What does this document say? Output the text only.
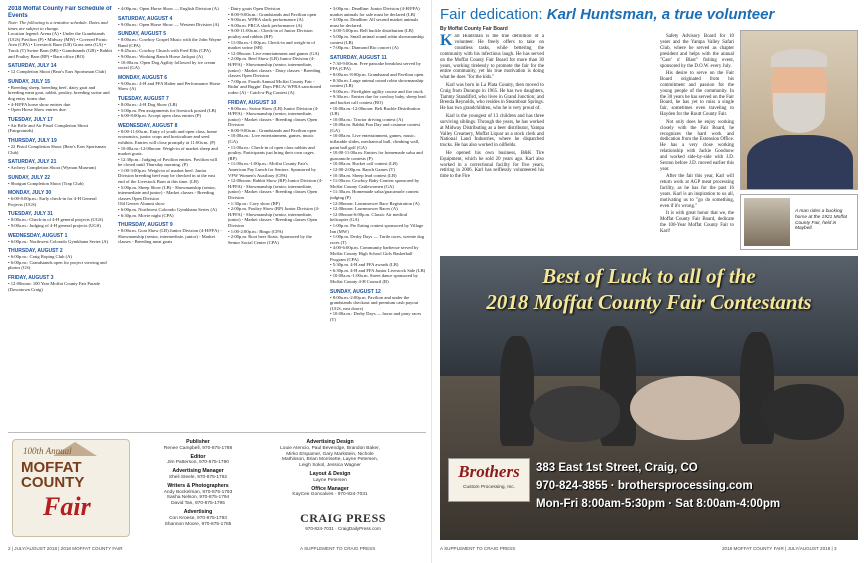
2018 Moffat County Fair Schedule of Events

Note: The following is a tentative schedule. Dates and times are subject to change.

Location legend: Arena (A) • Under the Grandstands (UGS) Pavilion (P) • Midway (MW) • Covered Picnic Area (CPA) • Livestock Barn (LB) Grass area (GA) • Truck (T) Swine Barn (SB) • Grandstands (GB) • Rabbit and Poultry Barn (RP) • Barn office (BO)

SATURDAY, JULY 14

• 12 Completion Shoot (Bear's Ears Sportsman Club)

SUNDAY, JULY 15

• Breeding sheep, breeding beef, dairy goat and breeding meat goat, rabbit, poultry, breeding swine and dog entry forms due.

• 4-H/FFA horse show entries due.

• Open Horse Show entries due.

TUESDAY, JULY 17

• Air Rifle and Air Pistol Completion Shoot (Fairgrounds)

THURSDAY, JULY 19

• 22 Pistol Completion Shoot (Bear's Ears Sportsman Club)

SATURDAY, JULY 21

• Archery Completion Shoot (Wyman Museum)

SUNDAY, JULY 22

• Shotgun Completion Shoot (Trap Club)

MONDAY, JULY 30

• 6:00-8:00p.m.: Early check-in for 4-H General Projects (UGS)

TUESDAY, JULY 31

• 8:00a.m.: Check-in of 4-H general projects (UGS)

• 9:00a.m.: Judging of 4-H general projects (UGS)

WEDNESDAY, AUGUST 1

• 6:00p.m.: Northwest Colorado Gymkhana Series (A)

THURSDAY, AUGUST 2

• 6:00p.m.: Craig Roping Club (A)

• 6:00p.m.: Grandstands open for project viewing and photos (GS)

FRIDAY, AUGUST 3

• 12:00noon: 100 Year Moffat County Fair Parade (Downtown Craig)

• 4:00p.m.: Open Horse Show — English Division (A)

SATURDAY, AUGUST 4

• 9:00a.m.: Open Horse Show — Western Division (A)

SUNDAY, AUGUST 5

• 8:00a.m.: Cowboy Gospel Music with the John Wayne Band (CPA)

• 8:45a.m.: Cowboy Church with Fred Ellis (CPA)

• 9:00a.m.: Working Ranch Horse Jackpot (A)

• 10:00a.m. Open Dog Agility followed by ice cream social (GA)

MONDAY, AUGUST 6

• 9:00a.m.: 4-H and FFA Halter and Performance Horse Show (A)

TUESDAY, AUGUST 7

• 8:00a.m.: 4-H Dog Show (LB)

• 5:00p.m. Pen assignments for livestock posted (LB)

• 6:00-8:00p.m. Accept open class entries (P)

WEDNESDAY, AUGUST 8

• 8:00-11:00a.m. Entry of youth and open class, home economics, junior crops and horticulture and seed exhibits. Entries will close promptly at 11:00a.m. (P)

• 10:00a.m.-12:00noon: Weigh-in of market sheep and market goats.

• 12:30p.m.: Judging of Pavilion entries. Pavilion will be closed until Thursday morning. (P)

• 1:00-3:00p.m. Weigh-in of market beef. Junior Division breeding beef may be checked in at the east end of the Livestock Barn at this time. (LB)

• 5:00p.m. Sheep Show (LB) - Showmanship (senior, intermediate and junior) - Market classes - Breeding classes Open Division

Old Geezer Alumni show

• 6:00p.m. Northwest Colorado Gymkhana Series (A)

• 6:30p.m. Movie night (CPA)

THURSDAY, AUGUST 9

• 8:00a.m. Goat Show (LB) Junior Division (4-H/FFA) - Showmanship (senior, intermediate, junior) - Market classes - Breeding meat goats

- Dairy goats Open Division

• 8:00-9:00a.m.: Grandstands and Pavilion open

• 9:00a.m. WFRA slack performance (A)

• 9:00a.m. PRCA slack performance (A)

• 9:00-11:00a.m.: Check-in of Junior Division poultry and rabbits (RP)

• 11:00a.m.-1:00p.m. Check-in and weigh-in of market swine (SB)

• 12:00noon: Live entertainment and games (GA)

• 2:00p.m. Beef Show (LB) Junior Division (4-H/FFA) - Showmanship (senior, intermediate, junior) - Market classes - Dairy classes - Breeding classes Open Division

• 7:00p.m. Fourth Annual Moffat County Fair - Ridin' and Riggin' Days PRCA/ WFRA sanctioned rodeo (A) - Catch-a-Pig Contest (A)

FRIDAY, AUGUST 10

• 8:00a.m.: Swine Show (LB) Junior Division (4-H/FFA) - Showmanship (senior, intermediate, junior) - Market classes - Breeding classes Open Division

• 8:00-9:00a.m.: Grandstands and Pavilion open

• 10:00a.m.: Live entertainment, games, music (GA)

• 11:00a.m.: Check-in of open class rabbits and poultry. Participants just bring their own cages. (RP)

• 11:00a.m.-1:00p.m.: Moffat County Fair's American Pay Lunch for Seniors. Sponsored by VFW Women's Auxiliary (CPA)

• 12:00noon: Rabbit Show (RP) Junior Division (4-H/FFA) - Showmanship (senior, intermediate, junior) - Market classes - Breeding classes Open Division

• 1:30p.m.: Cavy show (RP)

• 2:00p.m. Poultry Show (RP) Junior Division (4-H/FFA) - Showmanship (senior, intermediate, junior) - Market classes - Breeding classes Open Division

• 1:00-2:00p.m.: Bingo (CPA)

• 2:00p.m. Root beer floats. Sponsored by the Senior Social Center (CPA)

• 3:00p.m.: Deadline: Junior Division (4-H/FFA) market animals for sale must be declared (LB)

• 3:00p.m. Deadline: All second market animals must be declared.

• 3:00-5:00p.m. Bell buckle distribution (LB)

• 5:00p.m. Small animal round robin showmanship contest (LB)

• 7:00p.m.: Diamond Rio concert (A)

SATURDAY, AUGUST 11

• 7:30-9:00a.m. Free pancake breakfast served by FFA (CPA)

• 8:00a.m.-8:00p.m. Grandstand and Pavilion open.

• 8:30a.m. Large animal round robin showmanship contest (LB)

• 9:00a.m.: Firefighter agility course and fire truck

• 9:30a.m.: Entries due for cowboy baby, sheep lead and bucket calf contest (BO)

• 10:00a.m.-12:00noon: Belt Buckle Distribution (LB)

• 10:00a.m.: Tractor driving contest (A)

• 10:00a.m. Rabbit Fun Day and costume contest (GA)

• 10:00a.m. Live entertainment, games, music, inflatable slides, mechanical bull, climbing wall, paint ball golf (GA)

• 10:00-11:00a.m. Entries for homemade salsa and guacamole contests (P)

• 10:00a.m. Bucket calf contest (LB)

• 12:00-2:00p.m. Ranch Games (T)

• 10:30a.m. Sheep lead contest (LB)

• 11:00a.m. Cowboy Baby Contest sponsored by Moffat County Cattlewomen (GA)

• 11:30a.m. Homemade salsa/guacamole contest judging (P)

• 12:00noon: Lawnmower Race Registration (A)

• 12:00noon: Lawnmower Races (A)

• 12:00noon-6:00p.m. Classic Air medical helicopter (GA)

• 1:00p.m. Pie Eating contest sponsored by Village Inn (MW)

• 1:00p.m. Derby Days — Turtle races, weenie dog races (T)

• 4:00-6:00p.m. Community barbecue served by Moffat County High School Girls Basketball Program (CPA)

• 5:30p.m. 4-H and FFA awards (LB)

• 6:30p.m. 4-H and FFA Junior Livestock Sale (LB)

• 10:00a.m.-1:00a.m. Street dance sponsored by Moffat County 4-H Council (B)

SUNDAY, AUGUST 12

• 8:00a.m.-2:00p.m. Pavilion and under the grandstands checkout and premium cash payout (UGS, east doors)

• 10:00a.m.: Derby Days — horse and pony races (T)

100th Annual
MOFFAT
COUNTY
Fair
Publisher
Renee Campbell, 970-875-1788
Editor
Jim Patterson, 970-875-1790
Advertising Manager
Sheli Steele, 970-875-1782
Writers & Photographers
Andy Bockelman, 970-875-1793
Sasha Nelson, 970-875-1794
David Tan, 970-875-1795
Advertising
Con Kroese, 970-875-1783
Shannon Moore, 970-875-1785
Advertising Design
Louie Atencio, Paul Bevendge, Brandon Baker,
Mirko Erspamer, Gary Markstein, Nichole
Mathisson, Brian Morrisette, Layne Petersen,
Leigh Sokol, Jessica Wagner
Layout & Design
Layne Petersen
Office Manager
KayCee Goncalves · 970-824-7031
CRAIG PRESS
970-824-7031 · CraigDailyPress.com
2 | JULY/AUGUST 2018 | 2018 MOFFAT COUNTY FAIR	A SUPPLEMENT TO CRAIG PRESS
Fair dedication: Karl Huntsman, a true volunteer
By Moffat County Fair Board
K arl Huntsman is the true definition of a volunteer. He freely offers to take on countless tasks, while bettering the community with his infectious laugh. He has served on the Moffat County Fair Board for more than 30 years, working tirelessly to promote the fair for the entire community, yet his true motivation is doing what he does "for the kids."

Karl was born in La Plata County, then moved to Craig from Durango in 1965. He has two daughters, Tammy Standifird, who lives in Grand Junction; and Brenda Reynolds, who resides in Steamboat Springs. He has two grandchildren, who he is very proud of.

Karl is the youngest of 13 children and has three surviving siblings. Through the years, he has worked at Midway Distributing as a beer distributor, Yampa Valley Creamery, Moffat Liquor as a stock clerk and National Land Industries, where he dispatched trucks. He has also worked in oilfields.

He opened his own business, B&K Tire Equipment, which he sold 20 years ago. Karl also worked in a correctional facility for five years, retiring in 2006. Karl has selflessly volunteered his time to the Fire

Safety Advisory Board for 10 years and the Yampa Valley Safari Club, where he served as chapter president and helps with the annual "Cast' n' Blast" fishing event, sponsored by the D.O.W. every July.

His desire to serve on the Fair Board originated from his commitment and passion for the young people of the community. In the 30 years he has served on the Fair Board, he has yet to miss a single fair, sometimes even traveling to Hayden for the Routt County Fair.

Not only does he enjoy working closely with the Fair Board, he recognizes the hard work and dedication from the Extension Office. He has a very close working relationship with Jackie Goodnow and worked side-by-side with J.D. Sexton before J.D. moved earlier this year.

After the fair this year, Karl will return work at AGP meat processing facility, as he has for the past 16 years. Karl is an inspiration to us all, motivating us to "go do something, even if it's wrong."

It is with great honor that we, the Moffat County Fair Board, dedicate the 100-Year Moffat County Fair to Karl!

A man rides a bucking horse at the 1921 Moffat County Fair, held in Maybell.
Best of Luck to all of the
2018 Moffat County Fair Contestants
Brothers
Custom Processing, Inc.
383 East 1st Street, Craig, CO
970-824-3855 · brothersprocessing.com
Mon-Fri 8:00am-5:30pm · Sat 8:00am-4:00pm
A SUPPLEMENT TO CRAIG PRESS	2018 MOFFAT COUNTY FAIR | JULY/AUGUST 2018 | 3
